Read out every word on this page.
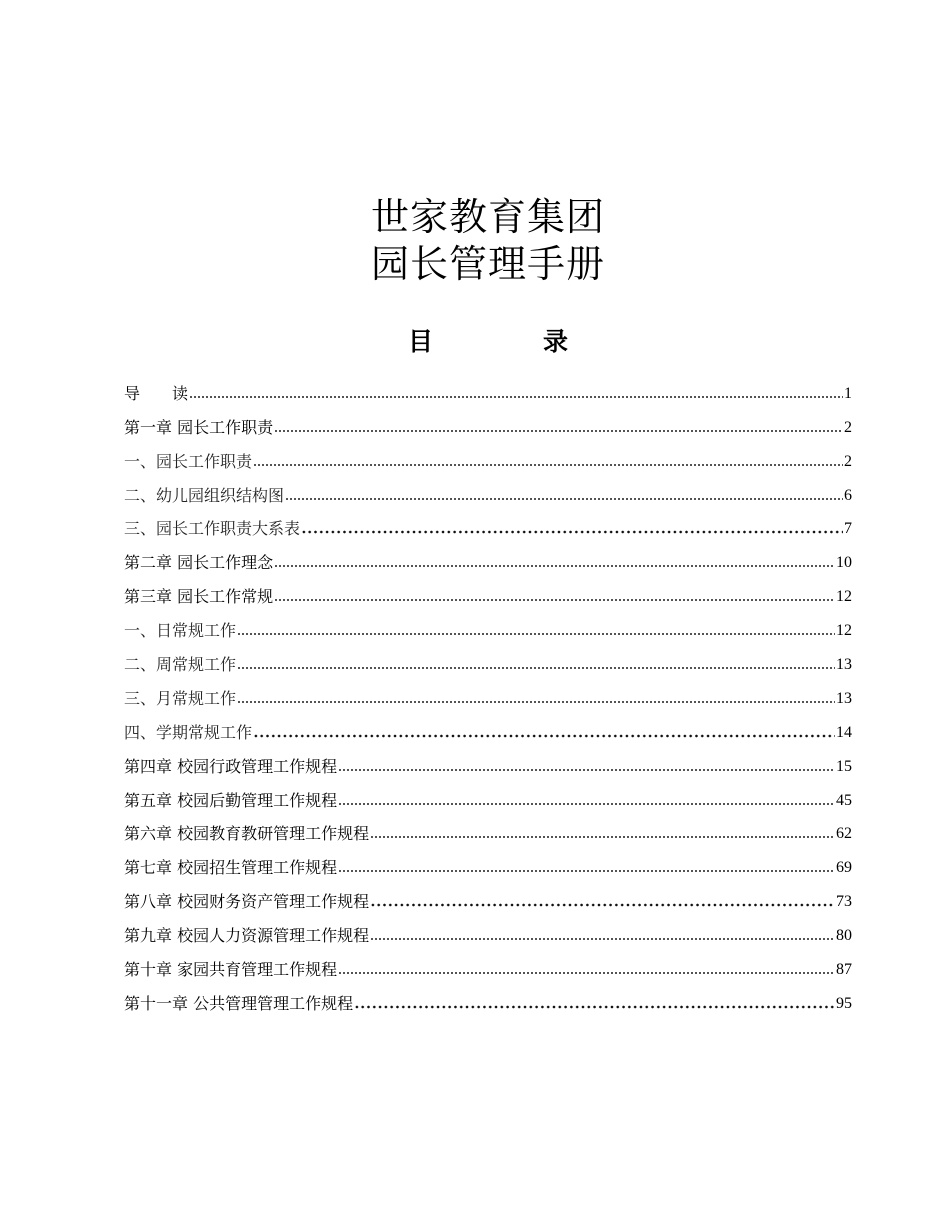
世家教育集团
园长管理手册
目	录
导　　读	1
第一章 园长工作职责	2
一、园长工作职责	2
二、幼儿园组织结构图	6
三、园长工作职责大系表	7
第二章 园长工作理念	10
第三章 园长工作常规	12
一、日常规工作	12
二、周常规工作	13
三、月常规工作	13
四、学期常规工作	14
第四章 校园行政管理工作规程	15
第五章 校园后勤管理工作规程	45
第六章 校园教育教研管理工作规程	62
第七章 校园招生管理工作规程	69
第八章 校园财务资产管理工作规程	73
第九章 校园人力资源管理工作规程	80
第十章 家园共育管理工作规程	87
第十一章 公共管理管理工作规程	95
